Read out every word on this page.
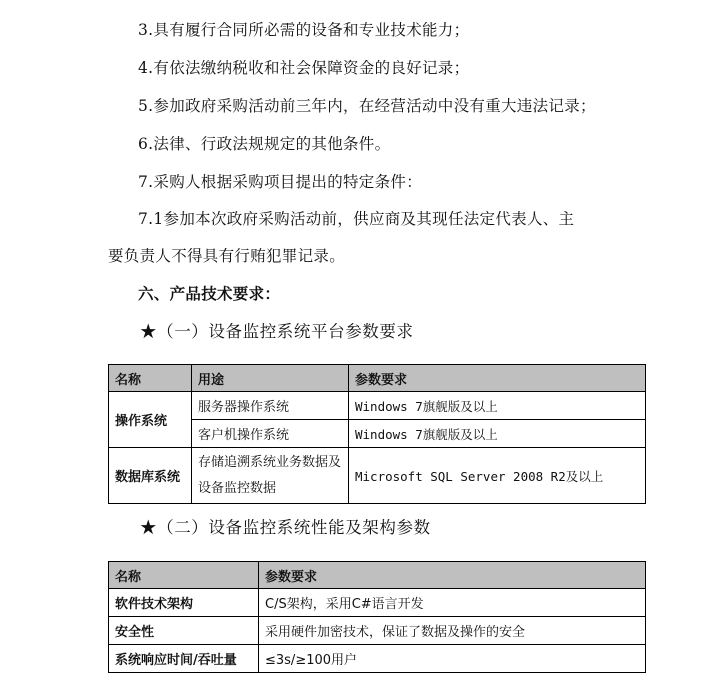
3.具有履行合同所必需的设备和专业技术能力；
4.有依法缴纳税收和社会保障资金的良好记录；
5.参加政府采购活动前三年内，在经营活动中没有重大违法记录；
6.法律、行政法规规定的其他条件。
7.采购人根据采购项目提出的特定条件：
7.1参加本次政府采购活动前，供应商及其现任法定代表人、主
要负责人不得具有行贿犯罪记录。
六、产品技术要求：
★（一）设备监控系统平台参数要求
名称	用途	参数要求
操作系统	服务器操作系统	Windows 7旗舰版及以上
	客户机操作系统	Windows 7旗舰版及以上
数据库系统	存储追溯系统业务数据及设备监控数据	Microsoft SQL Server 2008 R2及以上
★（二）设备监控系统性能及架构参数
名称	参数要求
软件技术架构	C/S架构，采用C#语言开发
安全性	采用硬件加密技术，保证了数据及操作的安全
系统响应时间/吞吐量	≤3s/≥100用户
